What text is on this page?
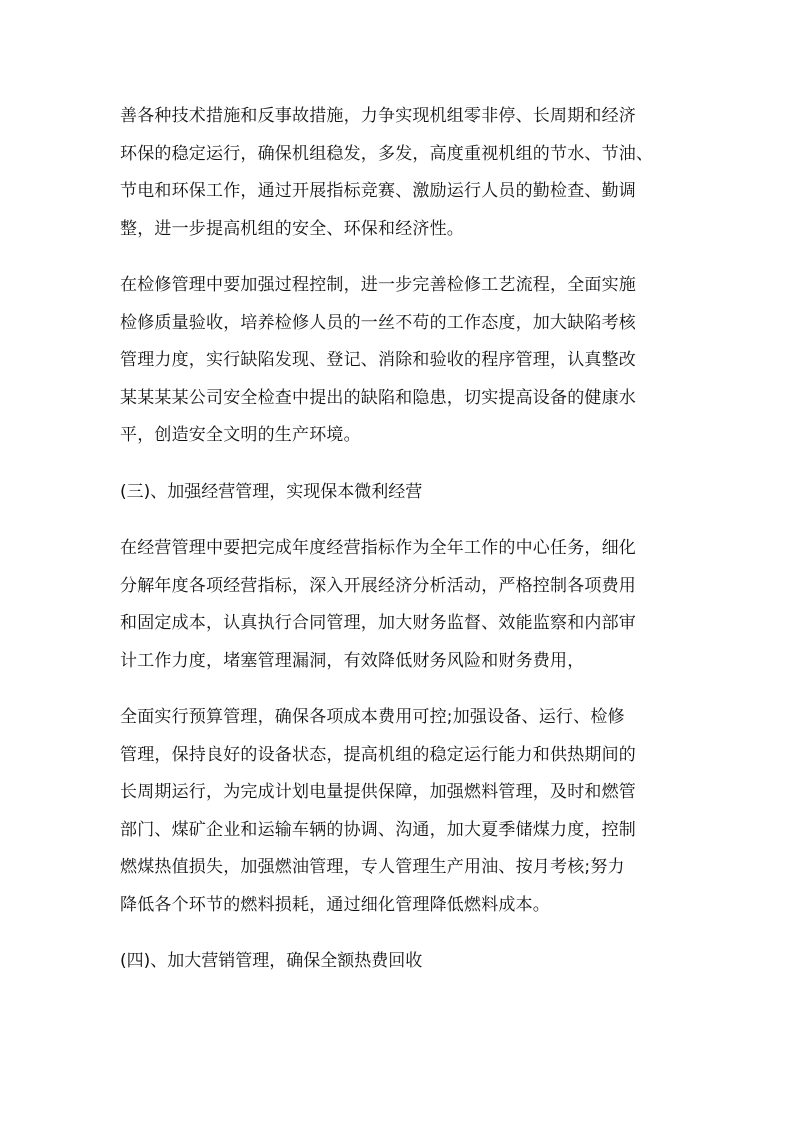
善各种技术措施和反事故措施，力争实现机组零非停、长周期和经济
环保的稳定运行，确保机组稳发，多发，高度重视机组的节水、节油、
节电和环保工作，通过开展指标竞赛、激励运行人员的勤检查、勤调
整，进一步提高机组的安全、环保和经济性。
在检修管理中要加强过程控制，进一步完善检修工艺流程，全面实施
检修质量验收，培养检修人员的一丝不苟的工作态度，加大缺陷考核
管理力度，实行缺陷发现、登记、消除和验收的程序管理，认真整改
某某某某公司安全检查中提出的缺陷和隐患，切实提高设备的健康水
平，创造安全文明的生产环境。
(三)、加强经营管理，实现保本微利经营
在经营管理中要把完成年度经营指标作为全年工作的中心任务，细化
分解年度各项经营指标，深入开展经济分析活动，严格控制各项费用
和固定成本，认真执行合同管理，加大财务监督、效能监察和内部审
计工作力度，堵塞管理漏洞，有效降低财务风险和财务费用，
全面实行预算管理，确保各项成本费用可控;加强设备、运行、检修
管理，保持良好的设备状态，提高机组的稳定运行能力和供热期间的
长周期运行，为完成计划电量提供保障，加强燃料管理，及时和燃管
部门、煤矿企业和运输车辆的协调、沟通，加大夏季储煤力度，控制
燃煤热值损失，加强燃油管理，专人管理生产用油、按月考核;努力
降低各个环节的燃料损耗，通过细化管理降低燃料成本。
(四)、加大营销管理，确保全额热费回收
